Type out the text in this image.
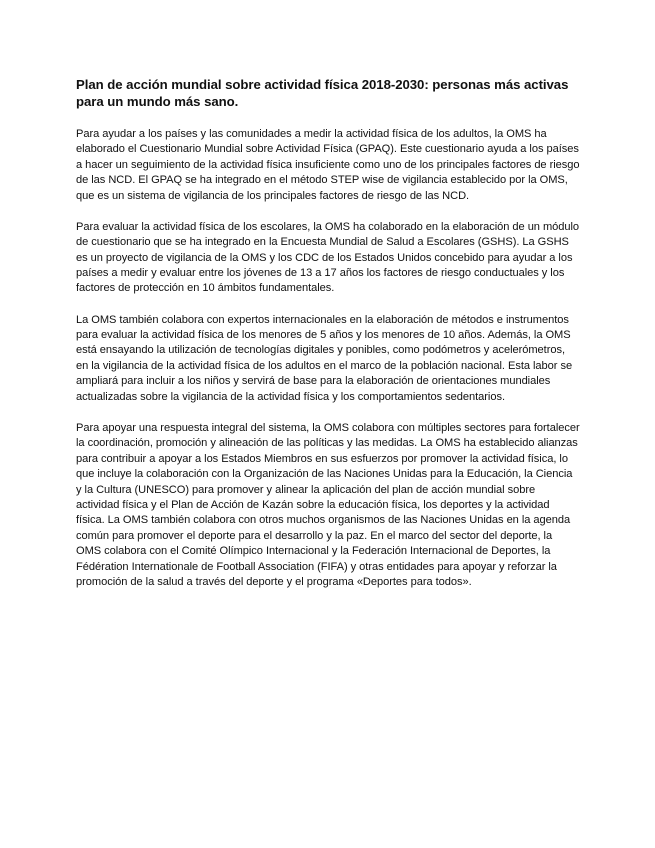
Plan de acción mundial sobre actividad física 2018-2030: personas más activas para un mundo más sano.

Para ayudar a los países y las comunidades a medir la actividad física de los adultos, la OMS ha elaborado el Cuestionario Mundial sobre Actividad Física (GPAQ). Este cuestionario ayuda a los países a hacer un seguimiento de la actividad física insuficiente como uno de los principales factores de riesgo de las NCD. El GPAQ se ha integrado en el método STEP wise de vigilancia establecido por la OMS, que es un sistema de vigilancia de los principales factores de riesgo de las NCD.

Para evaluar la actividad física de los escolares, la OMS ha colaborado en la elaboración de un módulo de cuestionario que se ha integrado en la Encuesta Mundial de Salud a Escolares (GSHS). La GSHS es un proyecto de vigilancia de la OMS y los CDC de los Estados Unidos concebido para ayudar a los países a medir y evaluar entre los jóvenes de 13 a 17 años los factores de riesgo conductuales y los factores de protección en 10 ámbitos fundamentales.

La OMS también colabora con expertos internacionales en la elaboración de métodos e instrumentos para evaluar la actividad física de los menores de 5 años y los menores de 10 años. Además, la OMS está ensayando la utilización de tecnologías digitales y ponibles, como podómetros y acelerómetros, en la vigilancia de la actividad física de los adultos en el marco de la población nacional. Esta labor se ampliará para incluir a los niños y servirá de base para la elaboración de orientaciones mundiales actualizadas sobre la vigilancia de la actividad física y los comportamientos sedentarios.

Para apoyar una respuesta integral del sistema, la OMS colabora con múltiples sectores para fortalecer la coordinación, promoción y alineación de las políticas y las medidas. La OMS ha establecido alianzas para contribuir a apoyar a los Estados Miembros en sus esfuerzos por promover la actividad física, lo que incluye la colaboración con la Organización de las Naciones Unidas para la Educación, la Ciencia y la Cultura (UNESCO) para promover y alinear la aplicación del plan de acción mundial sobre actividad física y el Plan de Acción de Kazán sobre la educación física, los deportes y la actividad física. La OMS también colabora con otros muchos organismos de las Naciones Unidas en la agenda común para promover el deporte para el desarrollo y la paz. En el marco del sector del deporte, la OMS colabora con el Comité Olímpico Internacional y la Federación Internacional de Deportes, la Fédération Internationale de Football Association (FIFA) y otras entidades para apoyar y reforzar la promoción de la salud a través del deporte y el programa «Deportes para todos».
